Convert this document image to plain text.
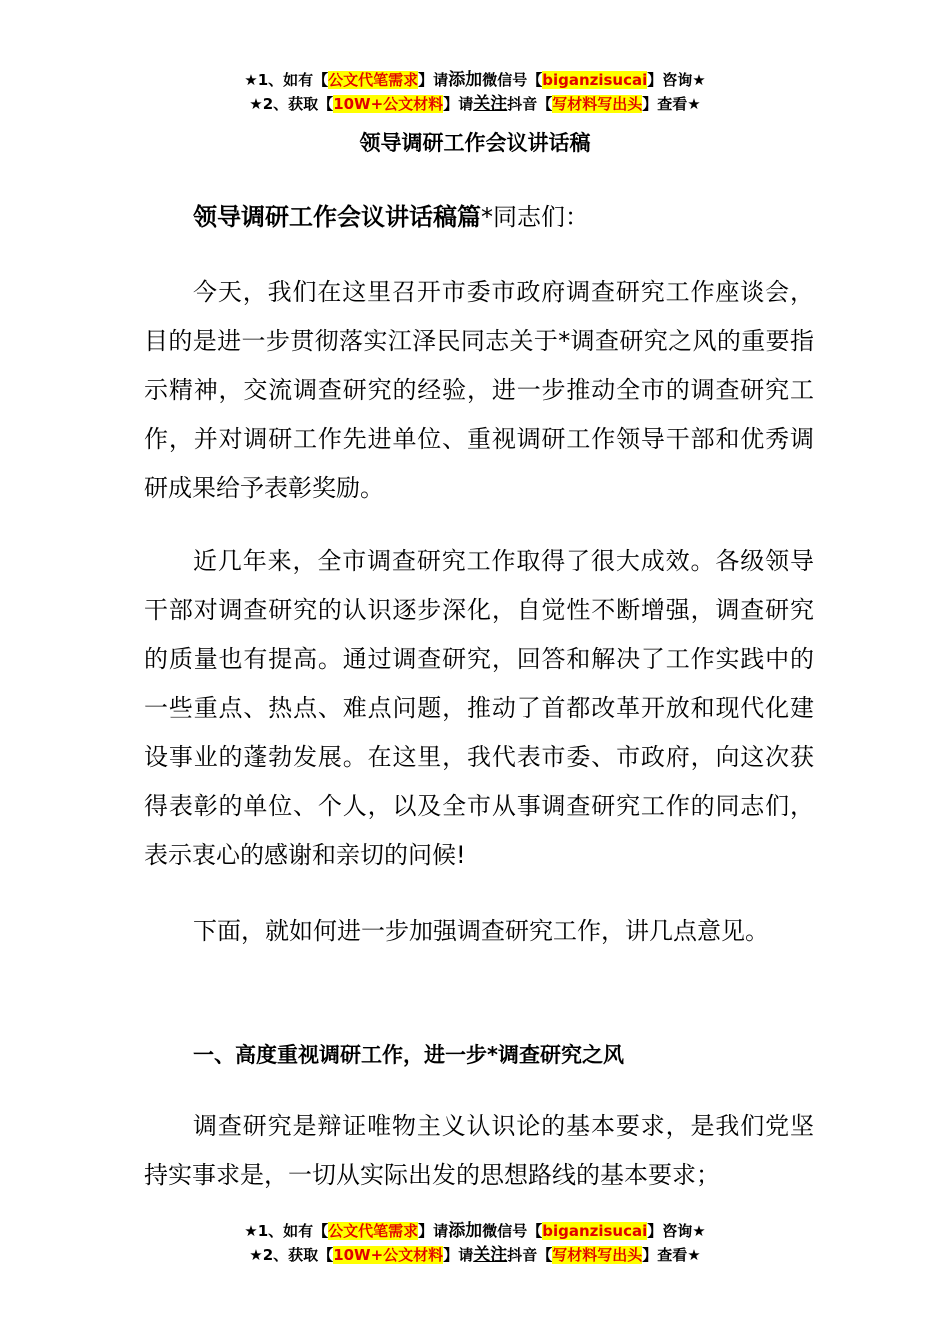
★1、如有【公文代笔需求】请添加微信号【biganzisucai】咨询★
★2、获取【10W+公文材料】请关注抖音【写材料写出头】查看★
领导调研工作会议讲话稿

领导调研工作会议讲话稿篇*同志们：

今天，我们在这里召开市委市政府调查研究工作座谈会，目的是进一步贯彻落实江泽民同志关于*调查研究之风的重要指示精神，交流调查研究的经验，进一步推动全市的调查研究工作，并对调研工作先进单位、重视调研工作领导干部和优秀调研成果给予表彰奖励。

近几年来，全市调查研究工作取得了很大成效。各级领导干部对调查研究的认识逐步深化，自觉性不断增强，调查研究的质量也有提高。通过调查研究，回答和解决了工作实践中的一些重点、热点、难点问题，推动了首都改革开放和现代化建设事业的蓬勃发展。在这里，我代表市委、市政府，向这次获得表彰的单位、个人，以及全市从事调查研究工作的同志们，表示衷心的感谢和亲切的问候!

下面，就如何进一步加强调查研究工作，讲几点意见。

一、高度重视调研工作，进一步*调查研究之风

调查研究是辩证唯物主义认识论的基本要求，是我们党坚持实事求是，一切从实际出发的思想路线的基本要求；

★1、如有【公文代笔需求】请添加微信号【biganzisucai】咨询★
★2、获取【10W+公文材料】请关注抖音【写材料写出头】查看★
